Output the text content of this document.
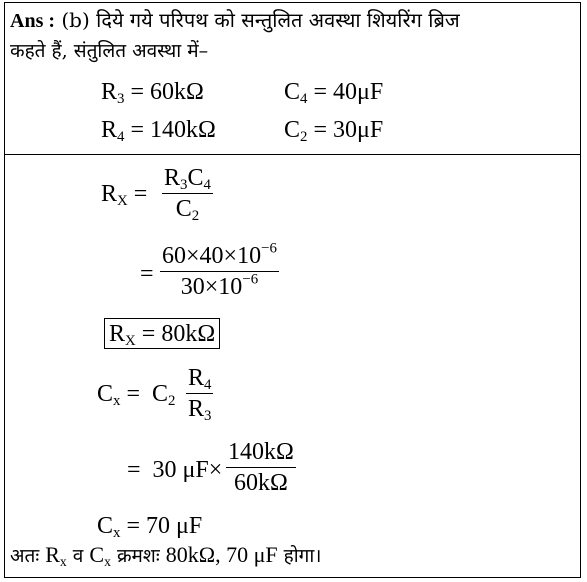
Ans : (b) दिये गये परिपथ को सन्तुलित अवस्था शियरिंग ब्रिज
कहते हैं, संतुलित अवस्था में–
$R_3 = 60k\Omega$	$C_4 = 40\mu F$
$R_4 = 140k\Omega$	$C_2 = 30\mu F$
$R_X$ =
$R_3C_4$
$C_2$
=
$60\times 40\times 10^{-6}$
$30\times 10^{-6}$
$R_X = 80k\Omega$
$C_x = C_2$
$R_4$
$R_3$
=  30 μF×
140kΩ
60kΩ
$C_x = 70$ μF
अतः $R_x$ व $C_x$ क्रमशः 80kΩ, 70 μF होगा।
